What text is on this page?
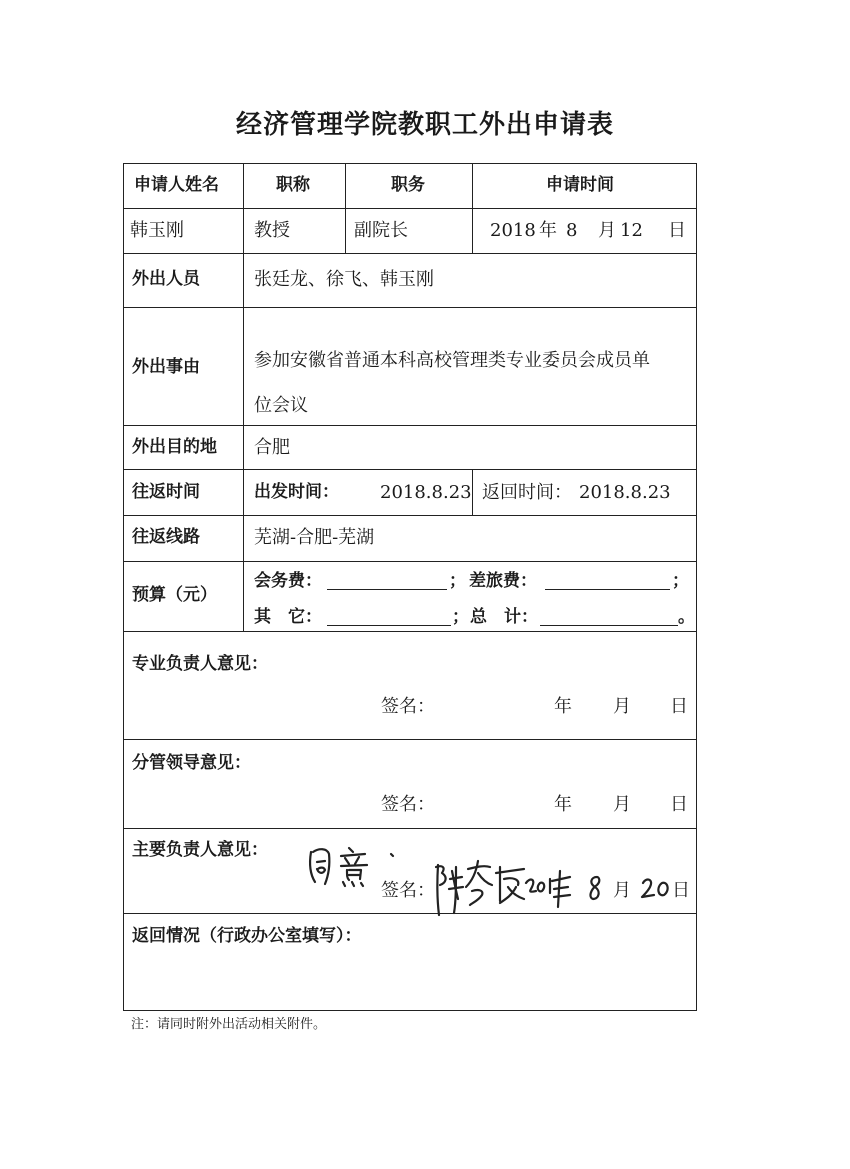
经济管理学院教职工外出申请表
申请人姓名	职称	职务	申请时间
韩玉刚	教授	副院长	2018 年 8 月 12 日
外出人员	张廷龙、徐飞、韩玉刚
外出事由	参加安徽省普通本科高校管理类专业委员会成员单
位会议
外出目的地 合肥
往返时间	出发时间： 2018.8.23 返回时间： 2018.8.23
往返线路	芜湖-合肥-芜湖
预算（元）
会务费：	； 差旅费：	；
其　它：	； 总　计：	。
专业负责人意见：
签名：	年 月 日
分管领导意见：
签名：	年 月 日
主要负责人意见：
签名：	月 日
返回情况（行政办公室填写）：
注：请同时附外出活动相关附件。
